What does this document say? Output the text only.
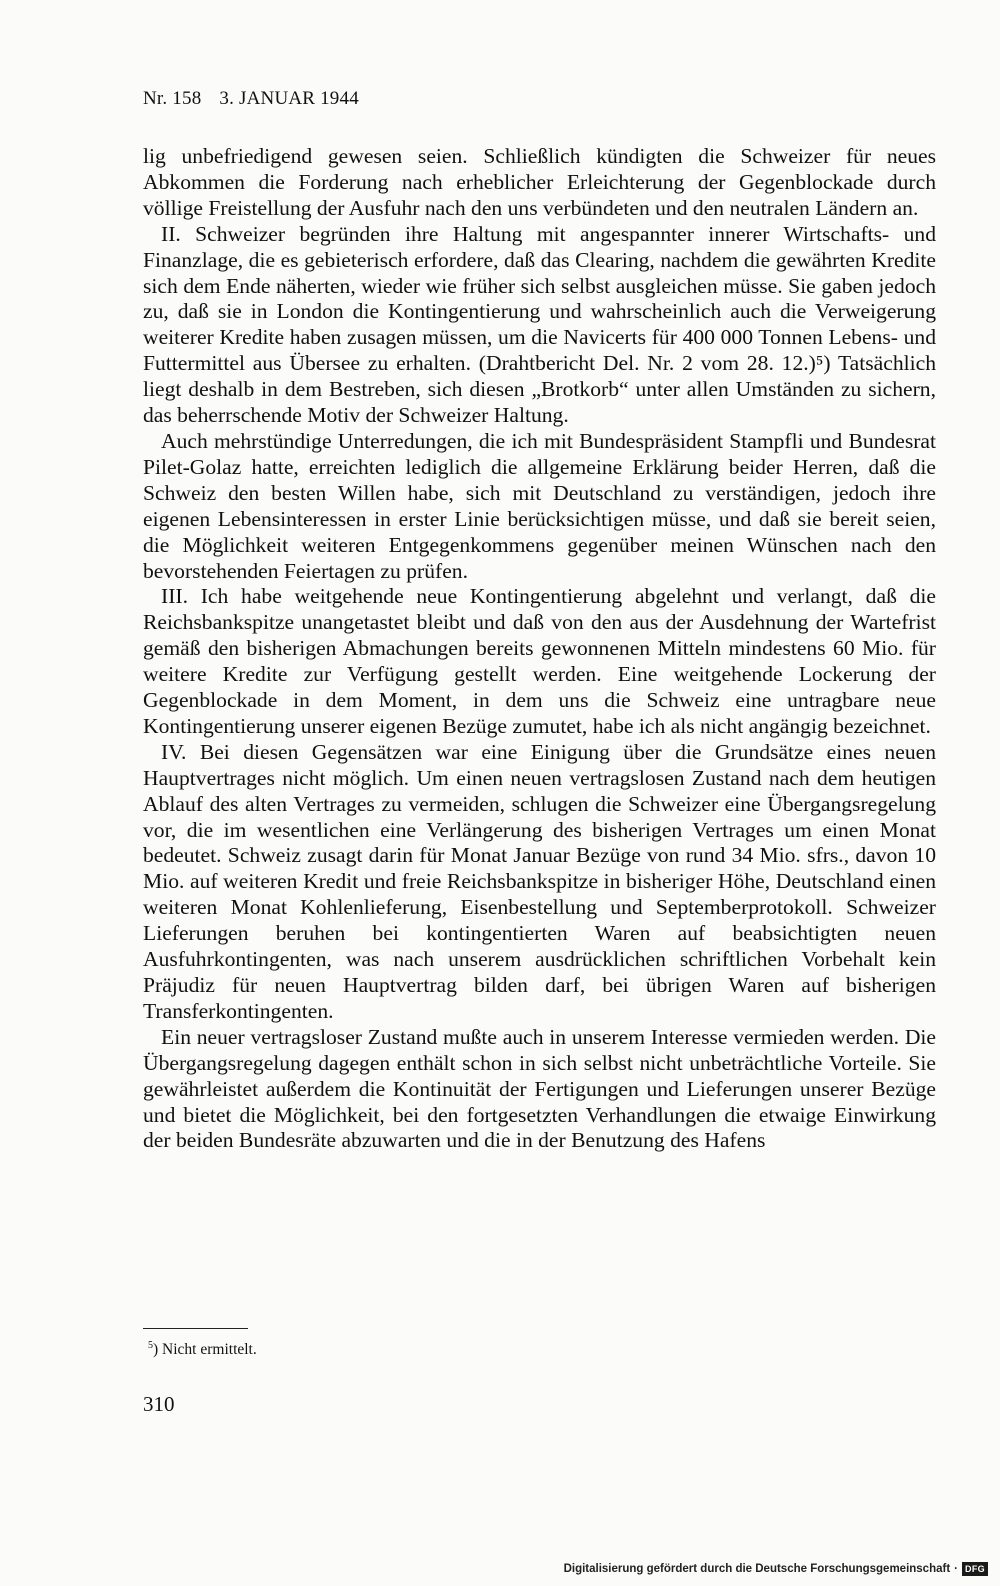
Nr. 158 3. JANUAR 1944

lig unbefriedigend gewesen seien. Schließlich kündigten die Schweizer für neues Abkommen die Forderung nach erheblicher Erleichterung der Gegenblockade durch völlige Freistellung der Ausfuhr nach den uns verbündeten und den neutralen Ländern an.

II. Schweizer begründen ihre Haltung mit angespannter innerer Wirtschafts- und Finanzlage, die es gebieterisch erfordere, daß das Clearing, nachdem die gewährten Kredite sich dem Ende näherten, wieder wie früher sich selbst ausgleichen müsse. Sie gaben jedoch zu, daß sie in London die Kontingentierung und wahrscheinlich auch die Verweigerung weiterer Kredite haben zusagen müssen, um die Navicerts für 400 000 Tonnen Lebens- und Futtermittel aus Übersee zu erhalten. (Drahtbericht Del. Nr. 2 vom 28. 12.)⁵) Tatsächlich liegt deshalb in dem Bestreben, sich diesen „Brotkorb“ unter allen Umständen zu sichern, das beherrschende Motiv der Schweizer Haltung.

Auch mehrstündige Unterredungen, die ich mit Bundespräsident Stampfli und Bundesrat Pilet-Golaz hatte, erreichten lediglich die allgemeine Erklärung beider Herren, daß die Schweiz den besten Willen habe, sich mit Deutschland zu verständigen, jedoch ihre eigenen Lebensinteressen in erster Linie berücksichtigen müsse, und daß sie bereit seien, die Möglichkeit weiteren Entgegenkommens gegenüber meinen Wünschen nach den bevorstehenden Feiertagen zu prüfen.

III. Ich habe weitgehende neue Kontingentierung abgelehnt und verlangt, daß die Reichsbankspitze unangetastet bleibt und daß von den aus der Ausdehnung der Wartefrist gemäß den bisherigen Abmachungen bereits gewonnenen Mitteln mindestens 60 Mio. für weitere Kredite zur Verfügung gestellt werden. Eine weitgehende Lockerung der Gegenblockade in dem Moment, in dem uns die Schweiz eine untragbare neue Kontingentierung unserer eigenen Bezüge zumutet, habe ich als nicht angängig bezeichnet.

IV. Bei diesen Gegensätzen war eine Einigung über die Grundsätze eines neuen Hauptvertrages nicht möglich. Um einen neuen vertragslosen Zustand nach dem heutigen Ablauf des alten Vertrages zu vermeiden, schlugen die Schweizer eine Übergangsregelung vor, die im wesentlichen eine Verlängerung des bisherigen Vertrages um einen Monat bedeutet. Schweiz zusagt darin für Monat Januar Bezüge von rund 34 Mio. sfrs., davon 10 Mio. auf weiteren Kredit und freie Reichsbankspitze in bisheriger Höhe, Deutschland einen weiteren Monat Kohlenlieferung, Eisenbestellung und Septemberprotokoll. Schweizer Lieferungen beruhen bei kontingentierten Waren auf beabsichtigten neuen Ausfuhrkontingenten, was nach unserem ausdrücklichen schriftlichen Vorbehalt kein Präjudiz für neuen Hauptvertrag bilden darf, bei übrigen Waren auf bisherigen Transferkontingenten.

Ein neuer vertragsloser Zustand mußte auch in unserem Interesse vermieden werden. Die Übergangsregelung dagegen enthält schon in sich selbst nicht unbeträchtliche Vorteile. Sie gewährleistet außerdem die Kontinuität der Fertigungen und Lieferungen unserer Bezüge und bietet die Möglichkeit, bei den fortgesetzten Verhandlungen die etwaige Einwirkung der beiden Bundesräte abzuwarten und die in der Benutzung des Hafens

$^5$) Nicht ermittelt.
310
Digitalisierung gefördert durch die Deutsche Forschungsgemeinschaft · DFG
